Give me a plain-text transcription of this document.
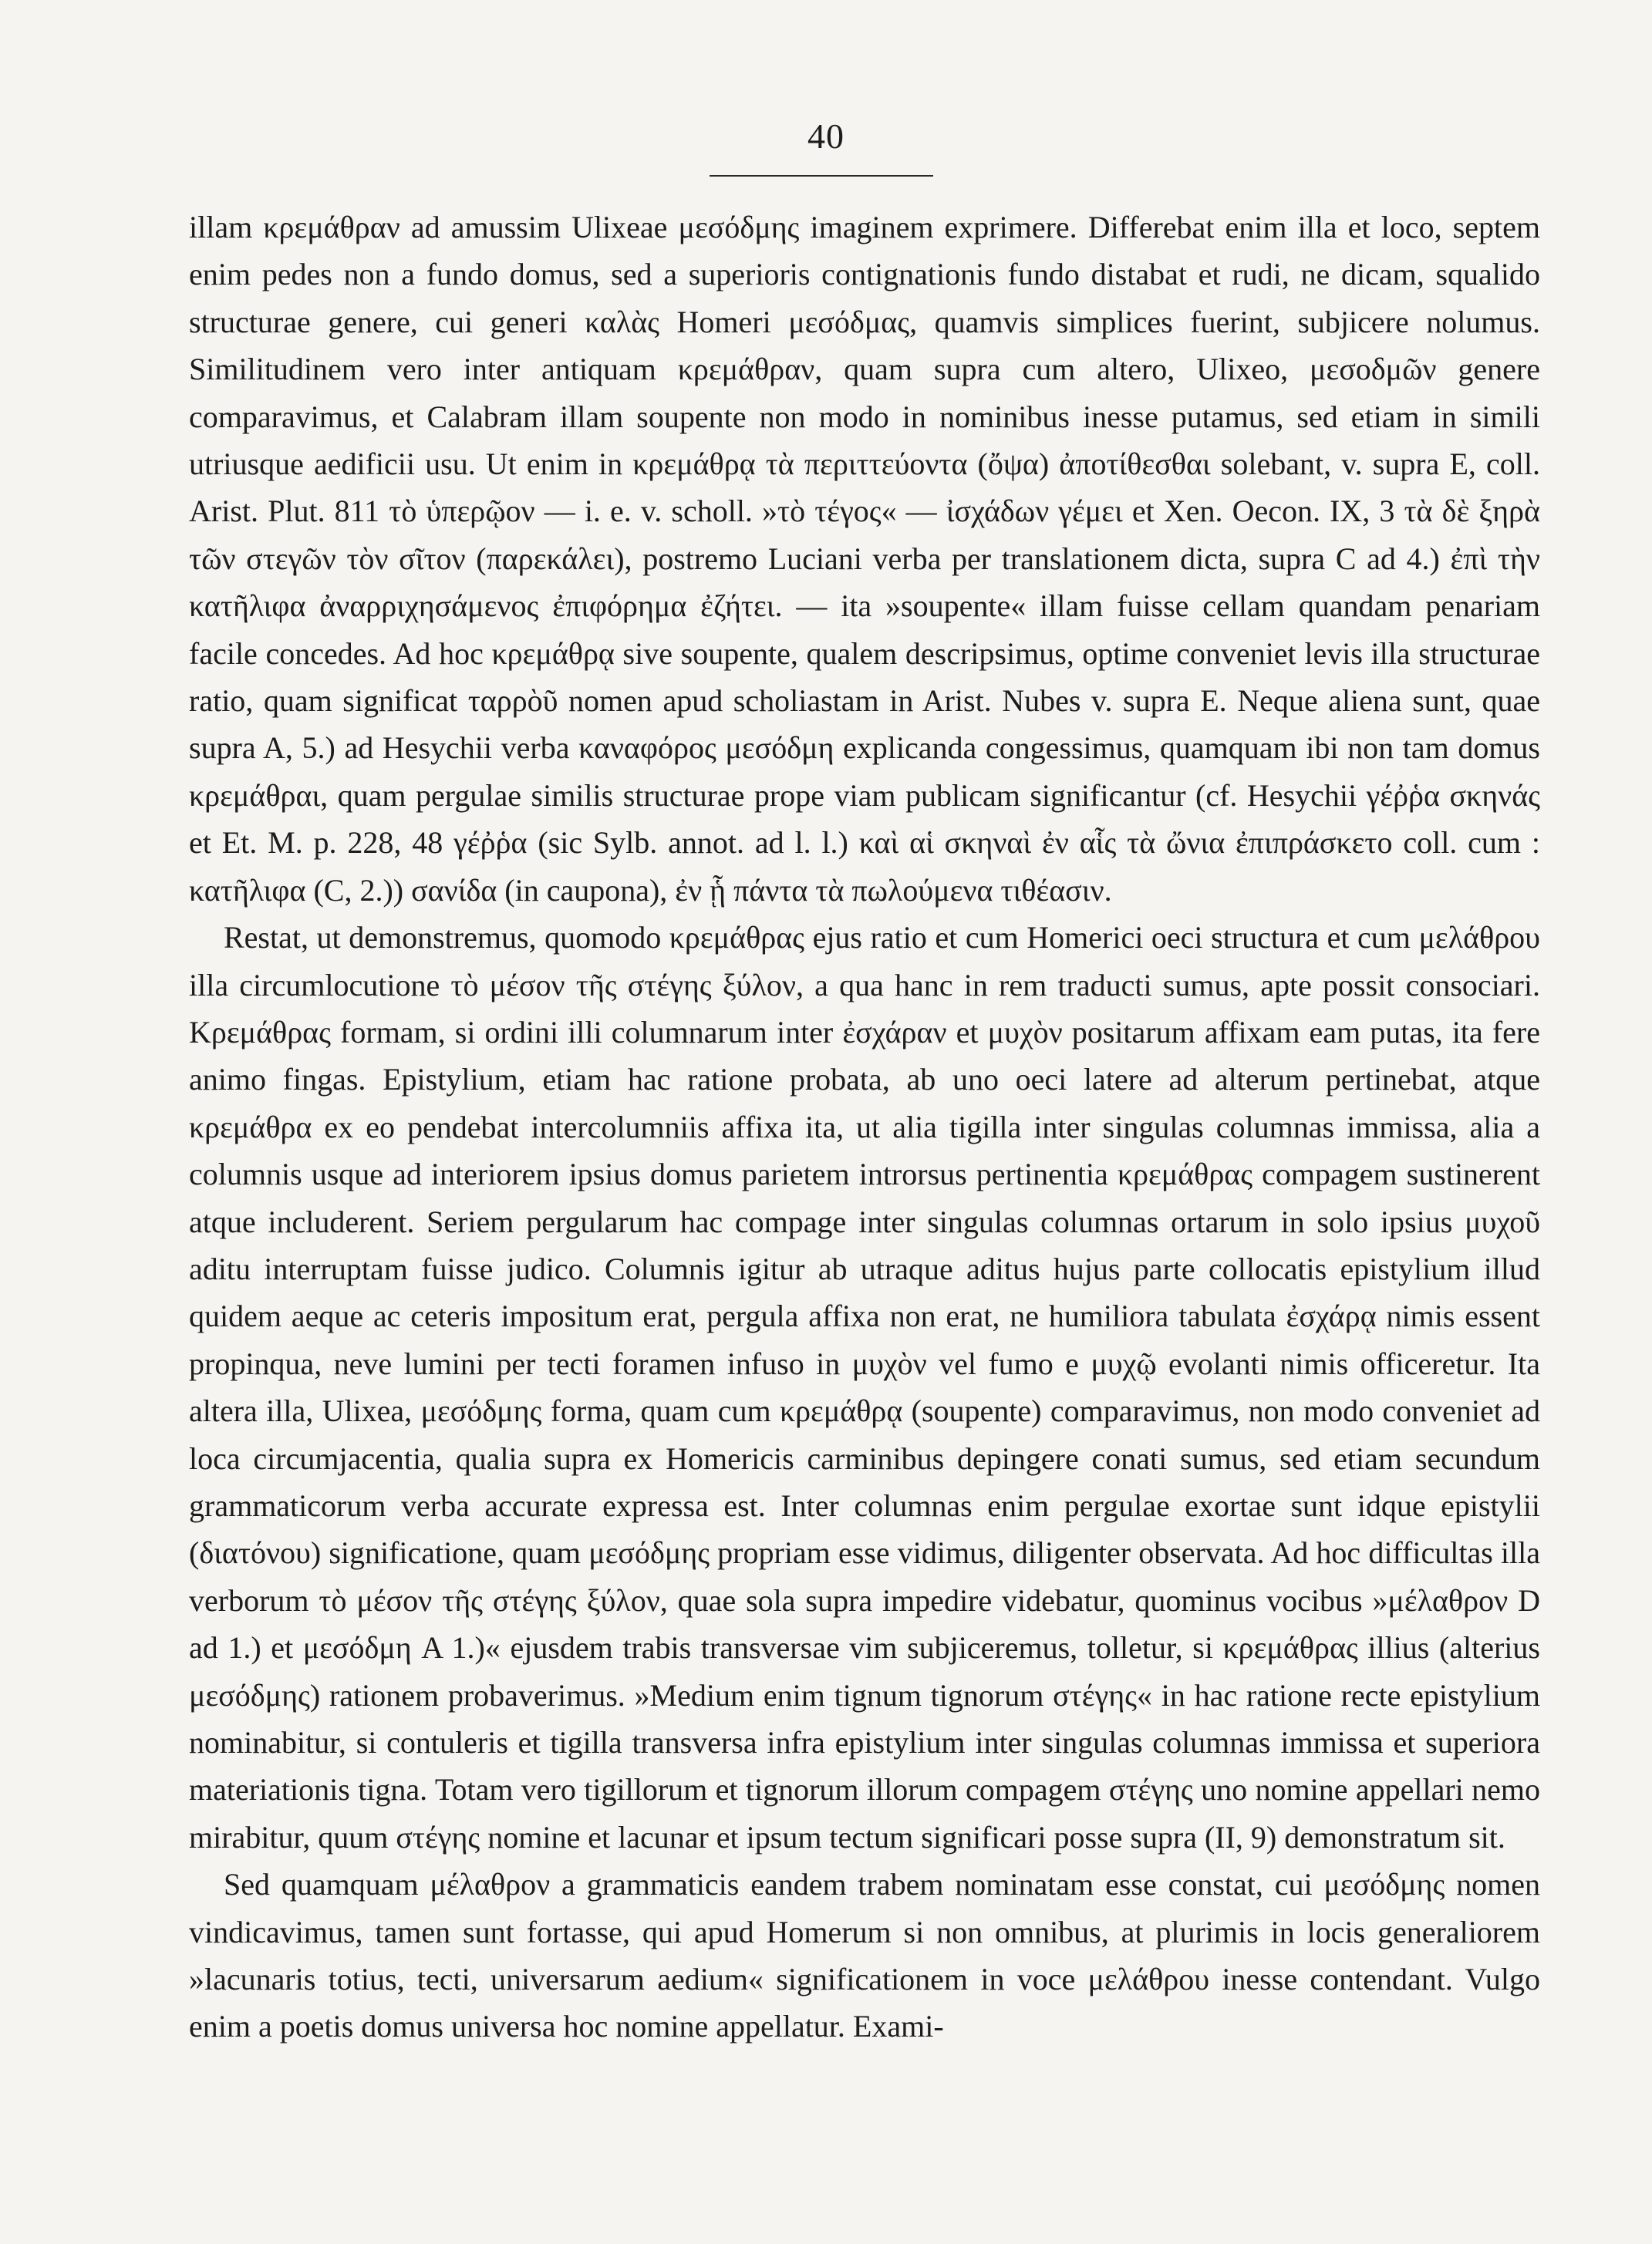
40

illam κρεμάθραν ad amussim Ulixeae μεσόδμης imaginem exprimere. Differebat enim illa et loco, septem enim pedes non a fundo domus, sed a superioris contignationis fundo distabat et rudi, ne dicam, squalido structurae genere, cui generi καλὰς Homeri μεσόδμας, quamvis simplices fuerint, subjicere nolumus. Similitudinem vero inter antiquam κρεμάθραν, quam supra cum altero, Ulixeo, μεσοδμῶν genere comparavimus, et Calabram illam soupente non modo in nominibus inesse putamus, sed etiam in simili utriusque aedificii usu. Ut enim in κρεμάθρᾳ τὰ περιττεύοντα (ὄψα) ἀποτίθεσθαι solebant, v. supra E, coll. Arist. Plut. 811 τὸ ὑπερῷον — i. e. v. scholl. »τὸ τέγος« — ἰσχάδων γέμει et Xen. Oecon. IX, 3 τὰ δὲ ξηρὰ τῶν στεγῶν τὸν σῖτον (παρεκάλει), postremo Luciani verba per translationem dicta, supra C ad 4.) ἐπὶ τὴν κατῆλιφα ἀναρριχησάμενος ἐπιφόρημα ἐζήτει. — ita »soupente« illam fuisse cellam quandam penariam facile concedes. Ad hoc κρεμάθρᾳ sive soupente, qualem descripsimus, optime conveniet levis illa structurae ratio, quam significat ταρρὸῦ nomen apud scholiastam in Arist. Nubes v. supra E. Neque aliena sunt, quae supra A, 5.) ad Hesychii verba καναφόρος μεσόδμη explicanda congessimus, quamquam ibi non tam domus κρεμάθραι, quam pergulae similis structurae prope viam publicam significantur (cf. Hesychii γέῤῥα σκηνάς et Et. M. p. 228, 48 γέῤῥα (sic Sylb. annot. ad l. l.) καὶ αἱ σκηναὶ ἐν αἷς τὰ ὤνια ἐπιπράσκετο coll. cum : κατῆλιφα (C, 2.)) σανίδα (in caupona), ἐν ᾗ πάντα τὰ πωλούμενα τιθέασιν.

Restat, ut demonstremus, quomodo κρεμάθρας ejus ratio et cum Homerici oeci structura et cum μελάθρου illa circumlocutione τὸ μέσον τῆς στέγης ξύλον, a qua hanc in rem traducti sumus, apte possit consociari. Κρεμάθρας formam, si ordini illi columnarum inter ἐσχάραν et μυχὸν positarum affixam eam putas, ita fere animo fingas. Epistylium, etiam hac ratione probata, ab uno oeci latere ad alterum pertinebat, atque κρεμάθρα ex eo pendebat intercolumniis affixa ita, ut alia tigilla inter singulas columnas immissa, alia a columnis usque ad interiorem ipsius domus parietem introrsus pertinentia κρεμάθρας compagem sustinerent atque includerent. Seriem pergularum hac compage inter singulas columnas ortarum in solo ipsius μυχοῦ aditu interruptam fuisse judico. Columnis igitur ab utraque aditus hujus parte collocatis epistylium illud quidem aeque ac ceteris impositum erat, pergula affixa non erat, ne humiliora tabulata ἐσχάρᾳ nimis essent propinqua, neve lumini per tecti foramen infuso in μυχὸν vel fumo e μυχῷ evolanti nimis officeretur. Ita altera illa, Ulixea, μεσόδμης forma, quam cum κρεμάθρᾳ (soupente) comparavimus, non modo conveniet ad loca circumjacentia, qualia supra ex Homericis carminibus depingere conati sumus, sed etiam secundum grammaticorum verba accurate expressa est. Inter columnas enim pergulae exortae sunt idque epistylii (διατόνου) significatione, quam μεσόδμης propriam esse vidimus, diligenter observata. Ad hoc difficultas illa verborum τὸ μέσον τῆς στέγης ξύλον, quae sola supra impedire videbatur, quominus vocibus »μέλαθρον D ad 1.) et μεσόδμη A 1.)« ejusdem trabis transversae vim subjiceremus, tolletur, si κρεμάθρας illius (alterius μεσόδμης) rationem probaverimus. »Medium enim tignum tignorum στέγης« in hac ratione recte epistylium nominabitur, si contuleris et tigilla transversa infra epistylium inter singulas columnas immissa et superiora materiationis tigna. Totam vero tigillorum et tignorum illorum compagem στέγης uno nomine appellari nemo mirabitur, quum στέγης nomine et lacunar et ipsum tectum significari posse supra (II, 9) demonstratum sit.

Sed quamquam μέλαθρον a grammaticis eandem trabem nominatam esse constat, cui μεσόδμης nomen vindicavimus, tamen sunt fortasse, qui apud Homerum si non omnibus, at plurimis in locis generaliorem »lacunaris totius, tecti, universarum aedium« significationem in voce μελάθρου inesse contendant. Vulgo enim a poetis domus universa hoc nomine appellatur. Exami-
